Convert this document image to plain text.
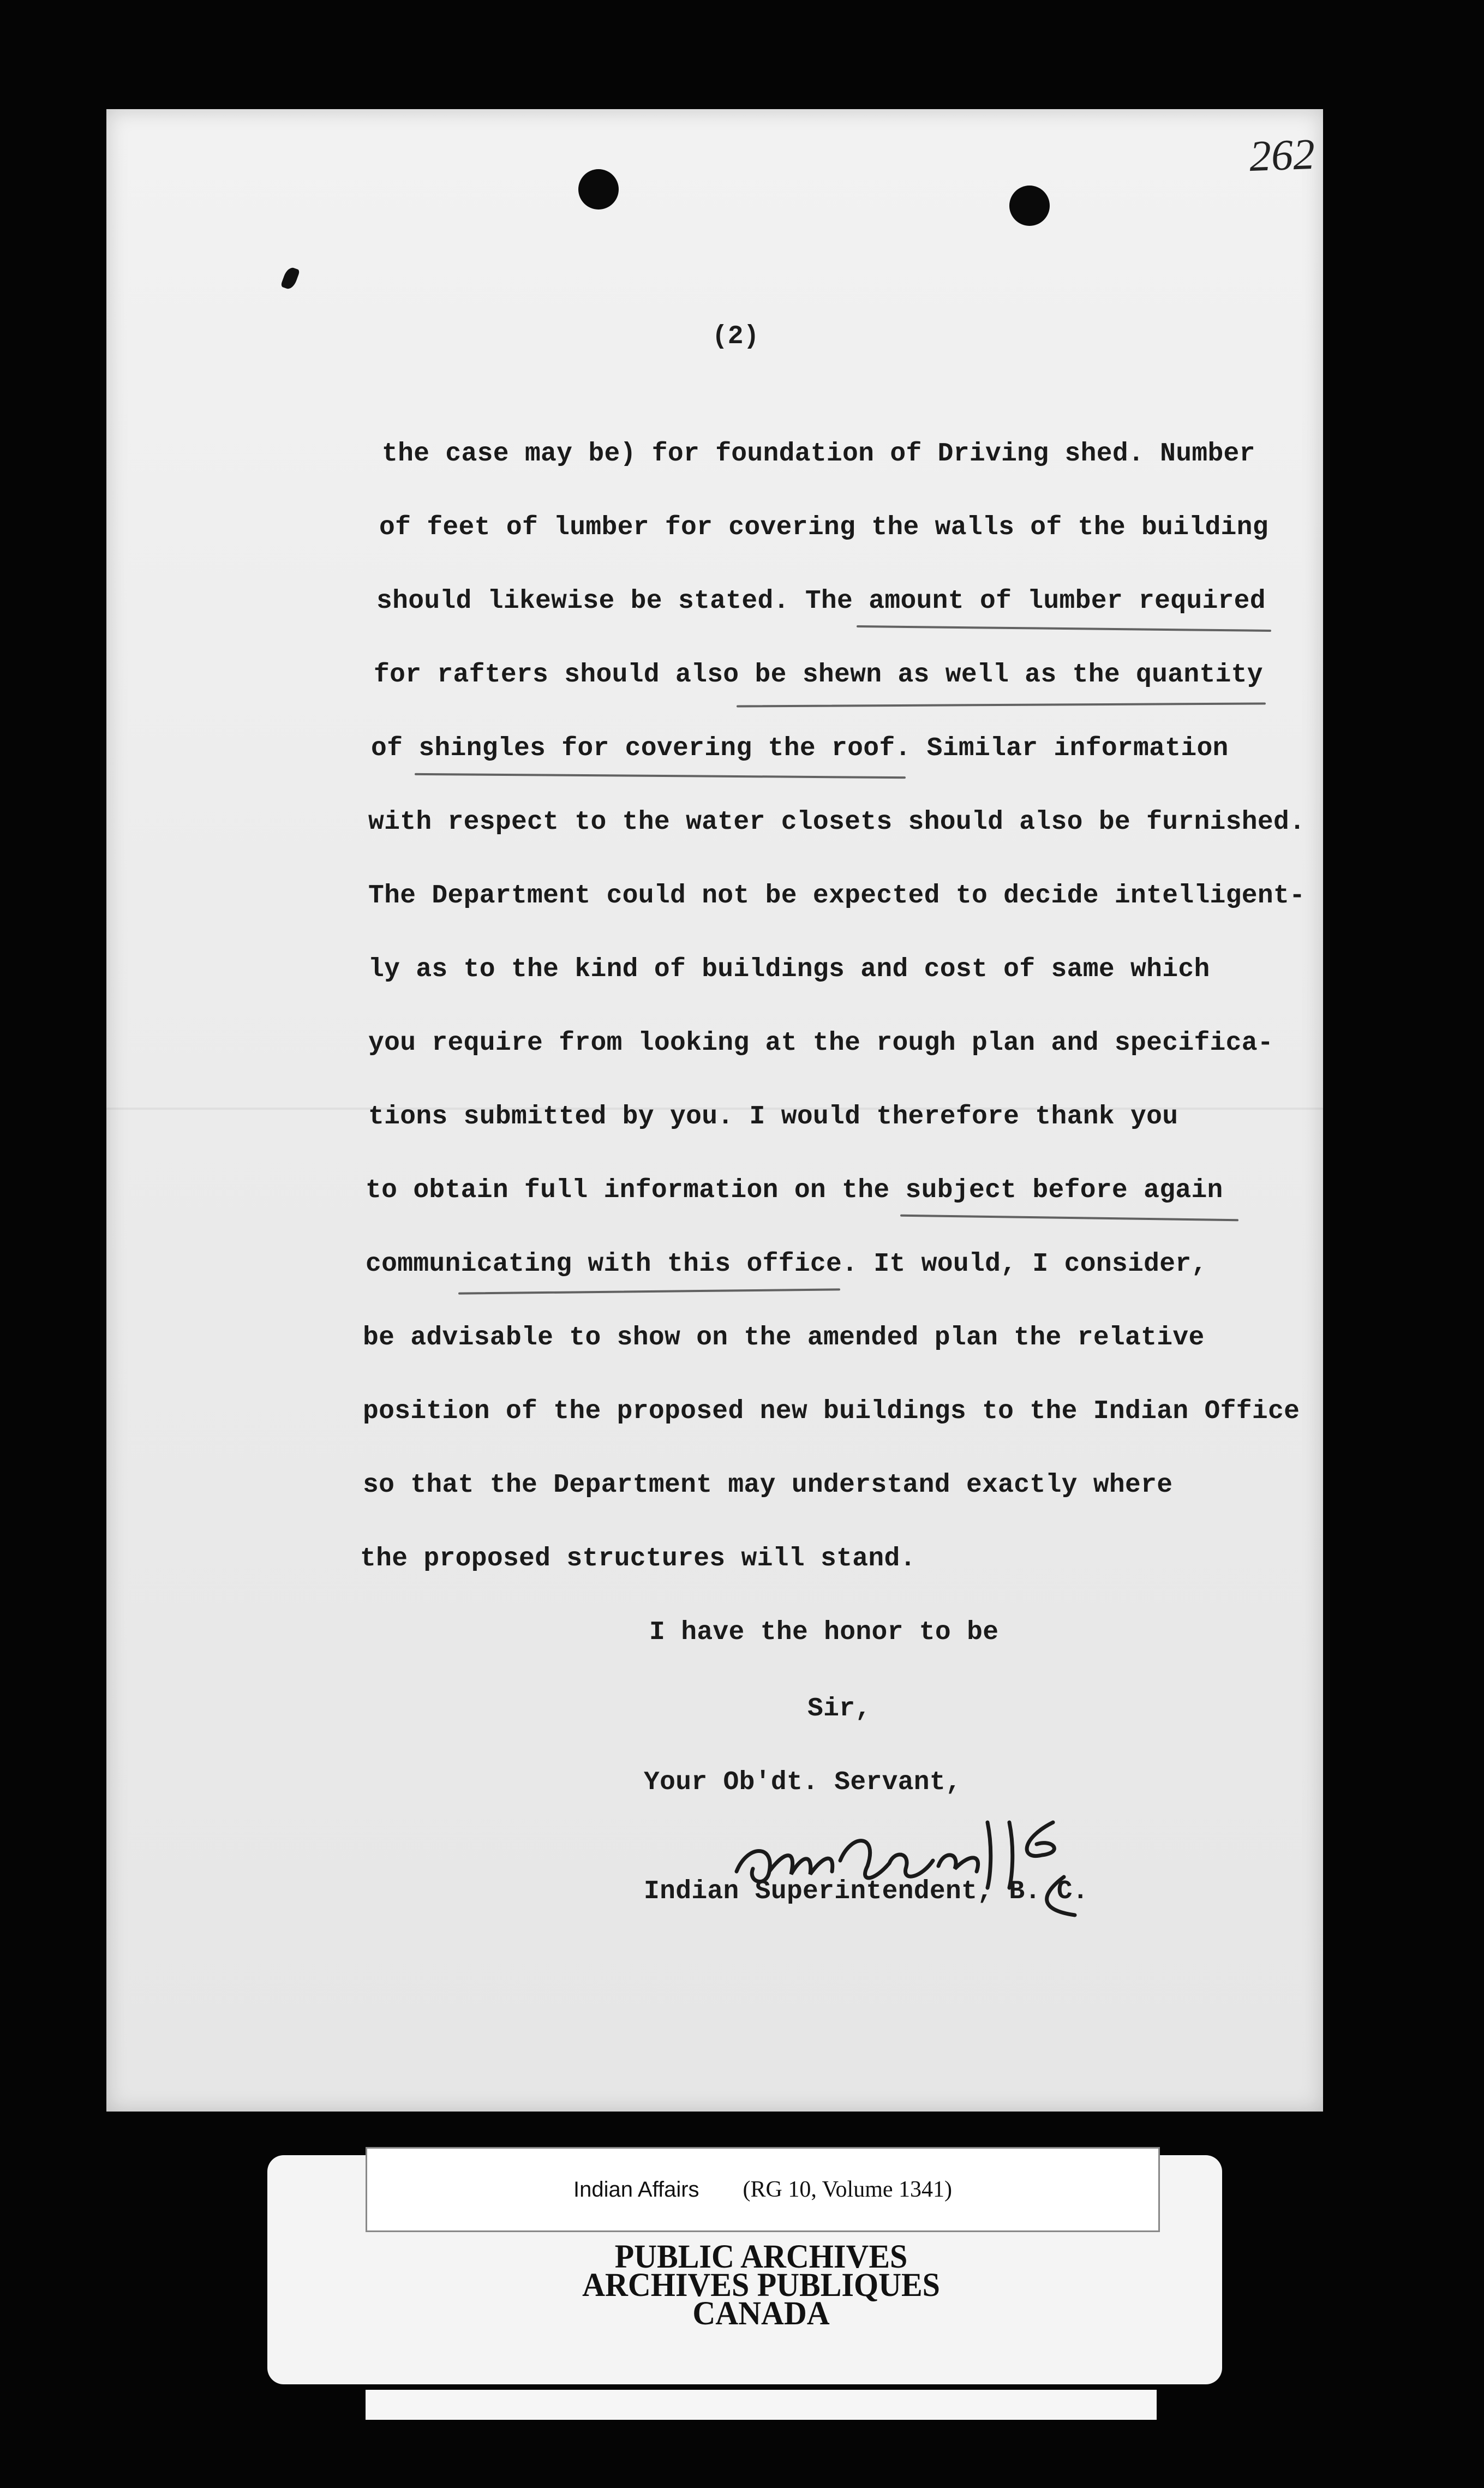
262
(2)
the case may be) for foundation of Driving shed. Number
of feet of lumber for covering the walls of the building
should likewise be stated. The amount of lumber required
for rafters should also be shewn as well as the quantity
of shingles for covering the roof. Similar information
with respect to the water closets should also be furnished.
The Department could not be expected to decide intelligent-
ly as to the kind of buildings and cost of same which
you require from looking at the rough plan and specifica-
tions submitted by you. I would therefore thank you
to obtain full information on the subject before again
communicating with this office. It would, I consider,
be advisable to show on the amended plan the relative
position of the proposed new buildings to the Indian Office
so that the Department may understand exactly where
the proposed structures will stand.
I have the honor to be
Sir,
Your Ob'dt. Servant,
Indian Superintendent, B. C.
Indian Affairs (RG 10, Volume 1341)
PUBLIC ARCHIVES
ARCHIVES PUBLIQUES
CANADA
